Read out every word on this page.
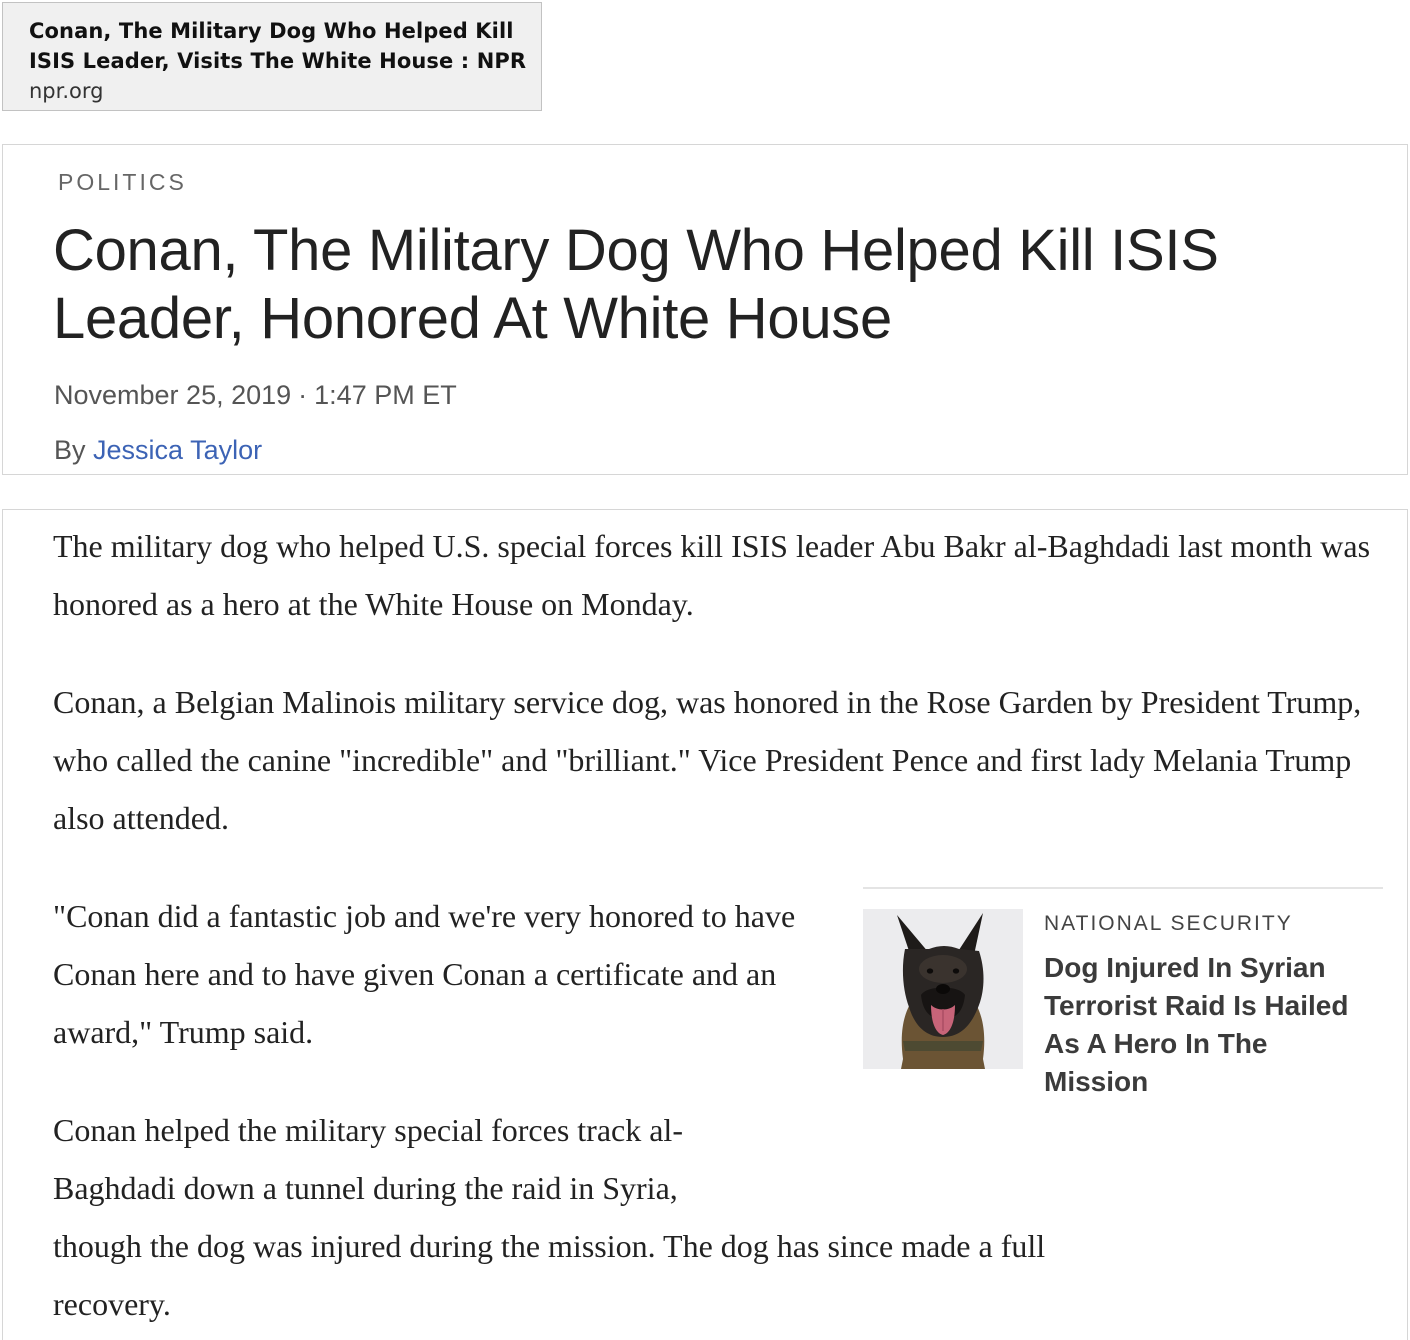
Conan, The Military Dog Who Helped Kill ISIS Leader, Visits The White House : NPR
npr.org
POLITICS
Conan, The Military Dog Who Helped Kill ISIS Leader, Honored At White House
November 25, 2019 · 1:47 PM ET
By Jessica Taylor

The military dog who helped U.S. special forces kill ISIS leader Abu Bakr al-Baghdadi last month was honored as a hero at the White House on Monday.

Conan, a Belgian Malinois military service dog, was honored in the Rose Garden by President Trump, who called the canine "incredible" and "brilliant." Vice President Pence and first lady Melania Trump also attended.

"Conan did a fantastic job and we're very honored to have Conan here and to have given Conan a certificate and an award," Trump said.

Conan helped the military special forces track al-
Baghdadi down a tunnel during the raid in Syria,
though the dog was injured during the mission. The dog has since made a full
recovery.

NATIONAL SECURITY
Dog Injured In Syrian Terrorist Raid Is Hailed As A Hero In The Mission
